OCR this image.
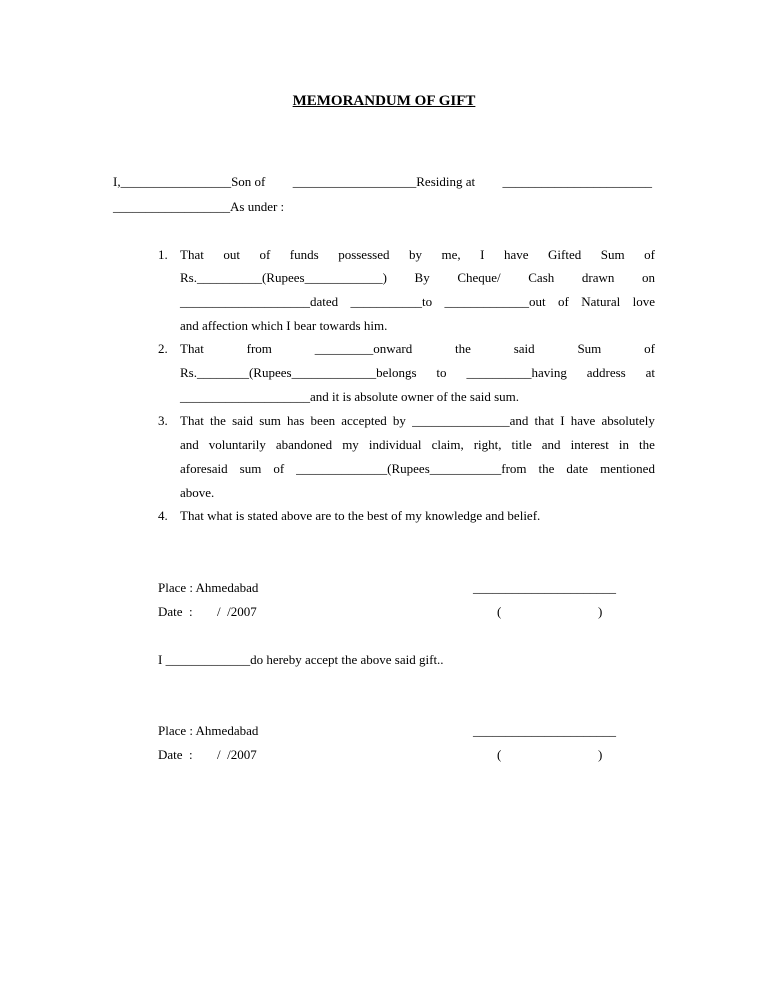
MEMORANDUM OF GIFT
I,_________________Son of ___________________Residing at _______________________
__________________As under :
1. That out of funds possessed by me, I have Gifted Sum of
Rs.__________(Rupees____________) By Cheque/ Cash drawn on
____________________dated ___________to _____________out of Natural love
and affection which I bear towards him.
2. That	from	_________onward	the	said	Sum	of
Rs.________(Rupees_____________belongs to __________having address at
____________________and it is absolute owner of the said sum.
3. That the said sum has been accepted by _______________and that I have absolutely
and voluntarily abandoned my individual claim, right, title and interest in the
aforesaid sum of ______________(Rupees___________from the date mentioned
above.
4. That what is stated above are to the best of my knowledge and belief.
Place : Ahmedabad	______________________
Date  : /  /2007	(	)
I _____________do hereby accept the above said gift..
Place : Ahmedabad	______________________
Date  : /  /2007	(	)
